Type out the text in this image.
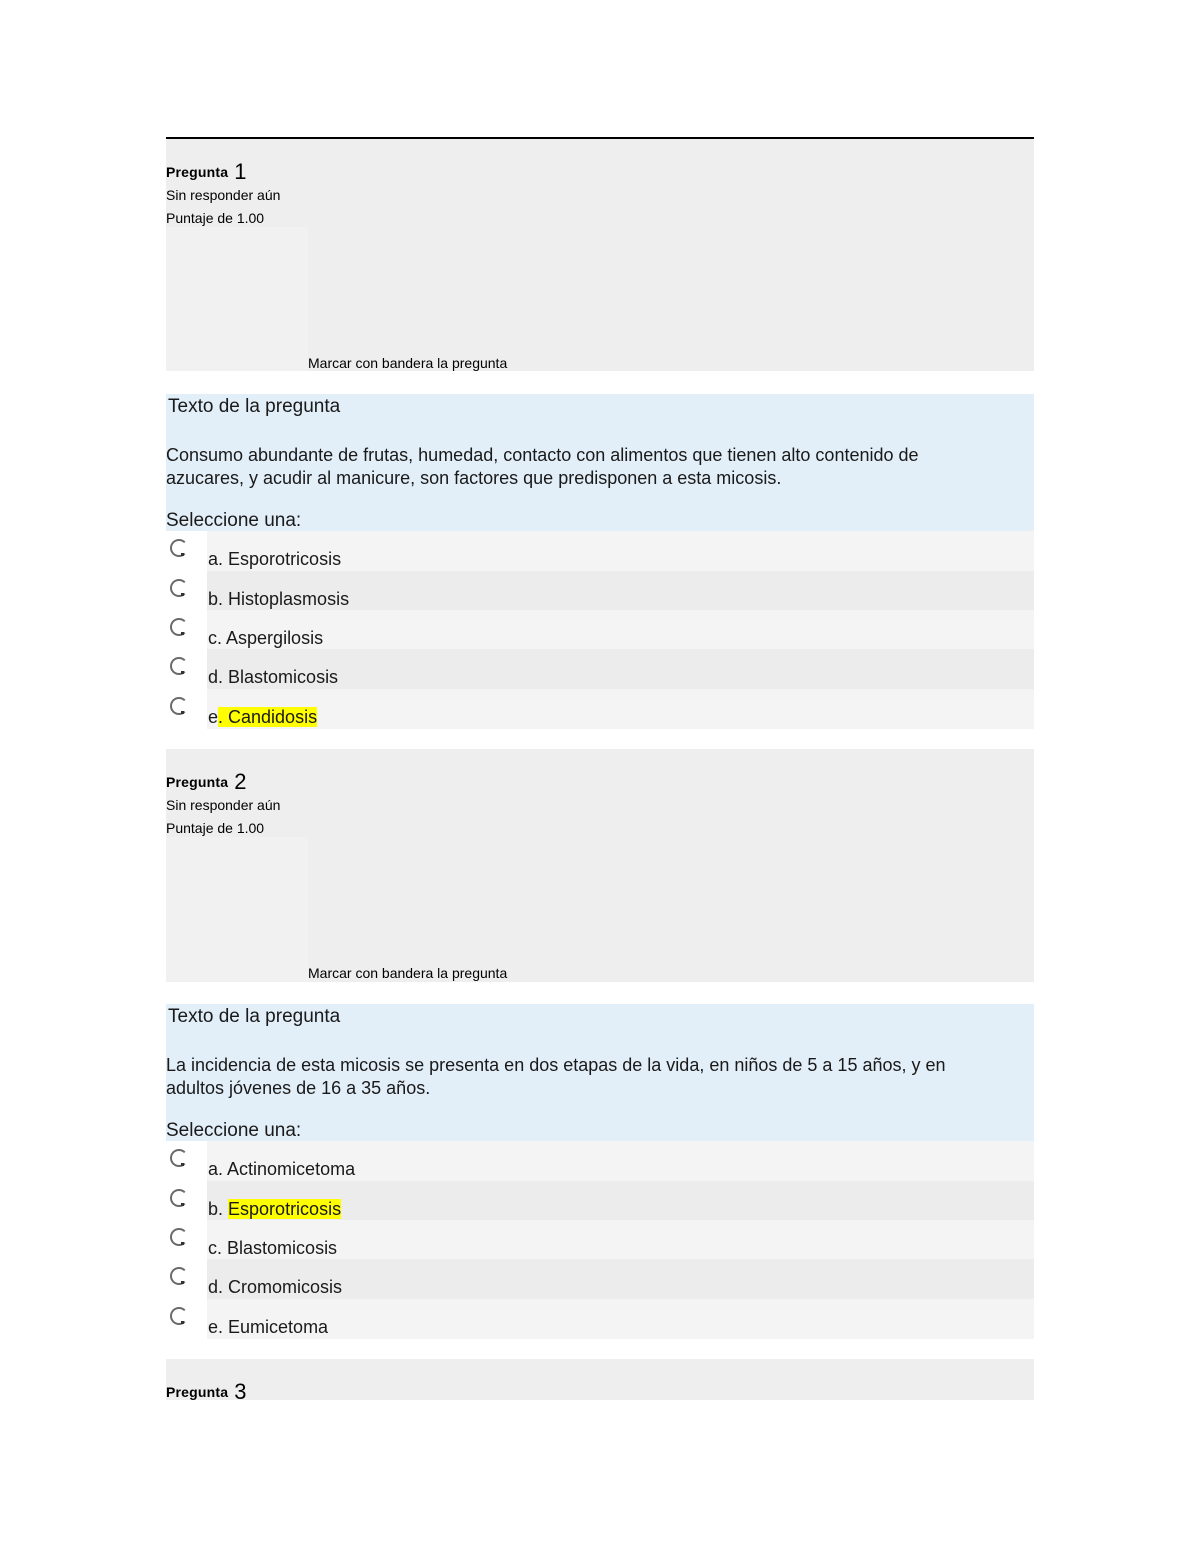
Pregunta 1
Sin responder aún
Puntaje de 1.00
Marcar con bandera la pregunta
Texto de la pregunta
Consumo abundante de frutas, humedad, contacto con alimentos que tienen alto contenido de
azucares, y acudir al manicure, son factores que predisponen a esta micosis.
Seleccione una:
a. Esporotricosis
b. Histoplasmosis
c. Aspergilosis
d. Blastomicosis
e. Candidosis
Pregunta 2
Sin responder aún
Puntaje de 1.00
Marcar con bandera la pregunta
Texto de la pregunta
La incidencia de esta micosis se presenta en dos etapas de la vida, en niños de 5 a 15 años, y en
adultos jóvenes de 16 a 35 años.
Seleccione una:
a. Actinomicetoma
b. Esporotricosis
c. Blastomicosis
d. Cromomicosis
e. Eumicetoma
Pregunta 3
